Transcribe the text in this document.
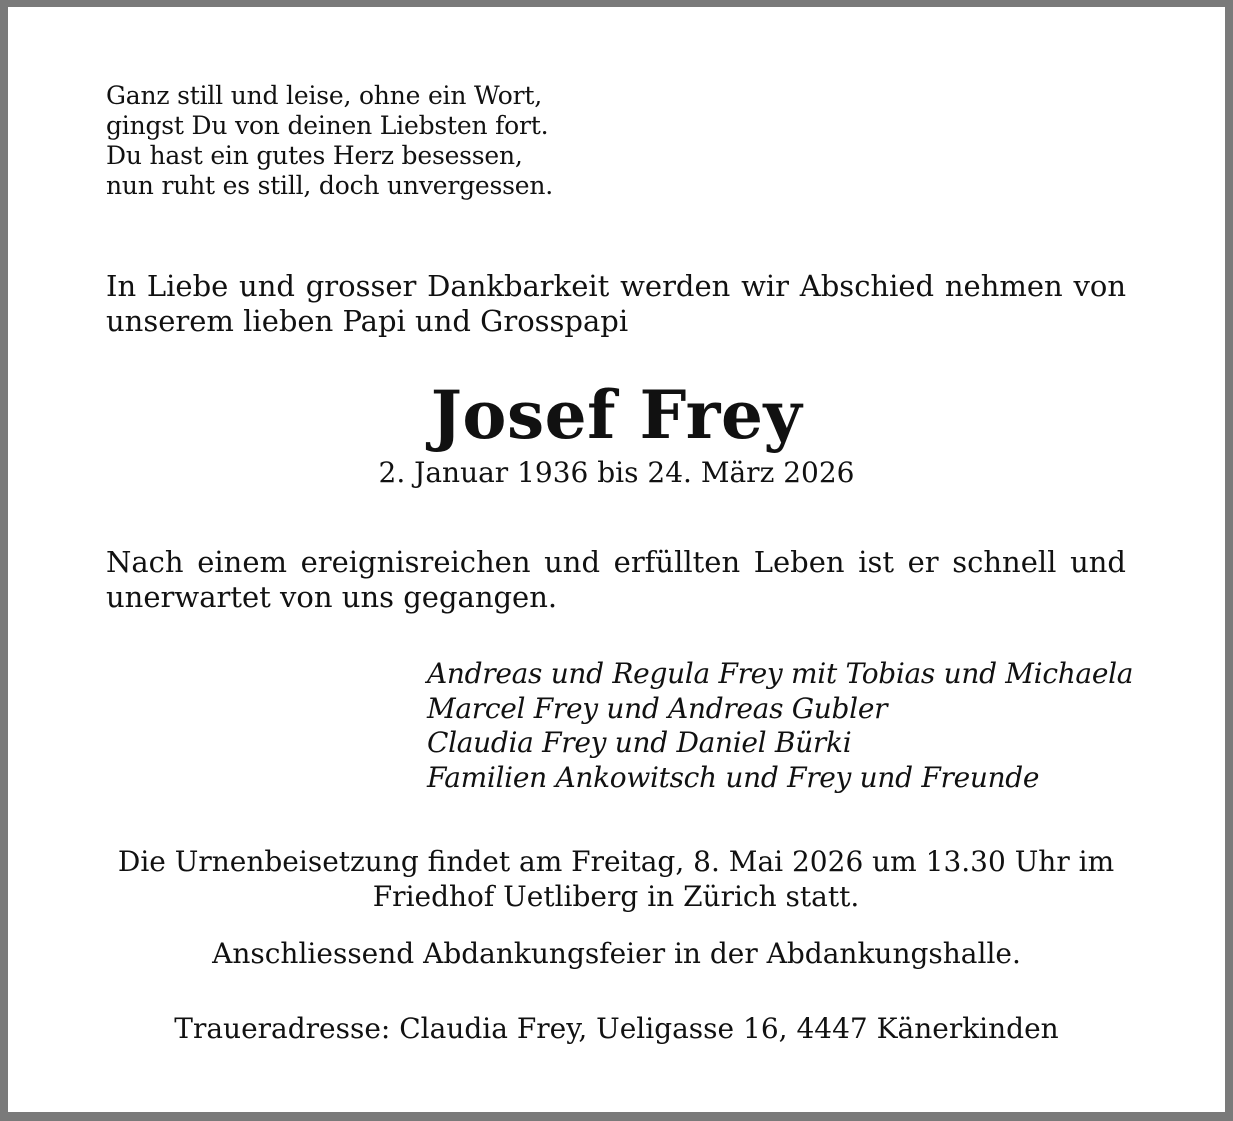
Ganz still und leise, ohne ein Wort,
gingst Du von deinen Liebsten fort.
Du hast ein gutes Herz besessen,
nun ruht es still, doch unvergessen.
In Liebe und grosser Dankbarkeit werden wir Abschied nehmen von unserem lieben Papi und Grosspapi
Josef Frey
2. Januar 1936 bis 24. März 2026
Nach einem ereignisreichen und erfüllten Leben ist er schnell und unerwartet von uns gegangen.
Andreas und Regula Frey mit Tobias und Michaela
Marcel Frey und Andreas Gubler
Claudia Frey und Daniel Bürki
Familien Ankowitsch und Frey und Freunde
Die Urnenbeisetzung findet am Freitag, 8. Mai 2026 um 13.30 Uhr im Friedhof Uetliberg in Zürich statt.
Anschliessend Abdankungsfeier in der Abdankungshalle.
Traueradresse: Claudia Frey, Ueligasse 16, 4447 Känerkinden
